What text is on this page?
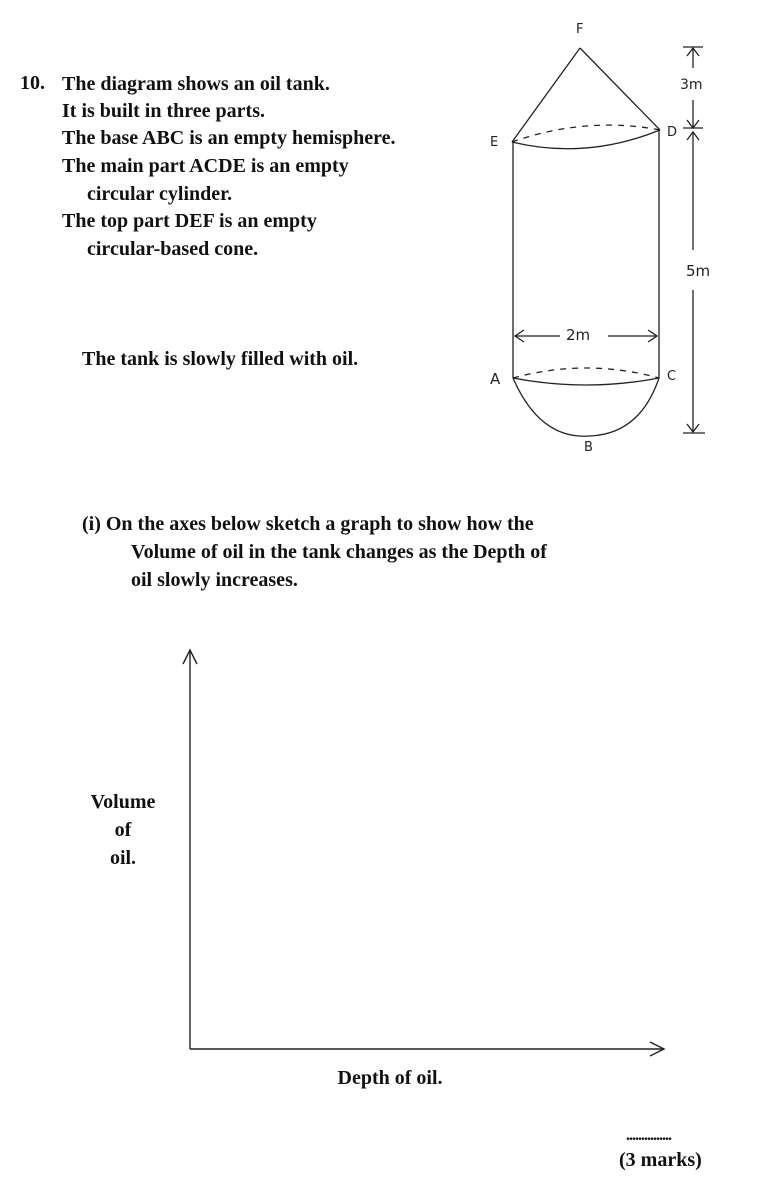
10. The diagram shows an oil tank.
It is built in three parts.
The base ABC is an empty hemisphere.
The main part ACDE is an empty
circular cylinder.
The top part DEF is an empty
circular-based cone.
The tank is slowly filled with oil.
(i) On the axes below sketch a graph to show how the
Volume of oil in the tank changes as the Depth of
oil slowly increases.
F
E
D
A	C
B
3m
5m
2m
Volume
of
oil.
Depth of oil.
...............
(3 marks)
